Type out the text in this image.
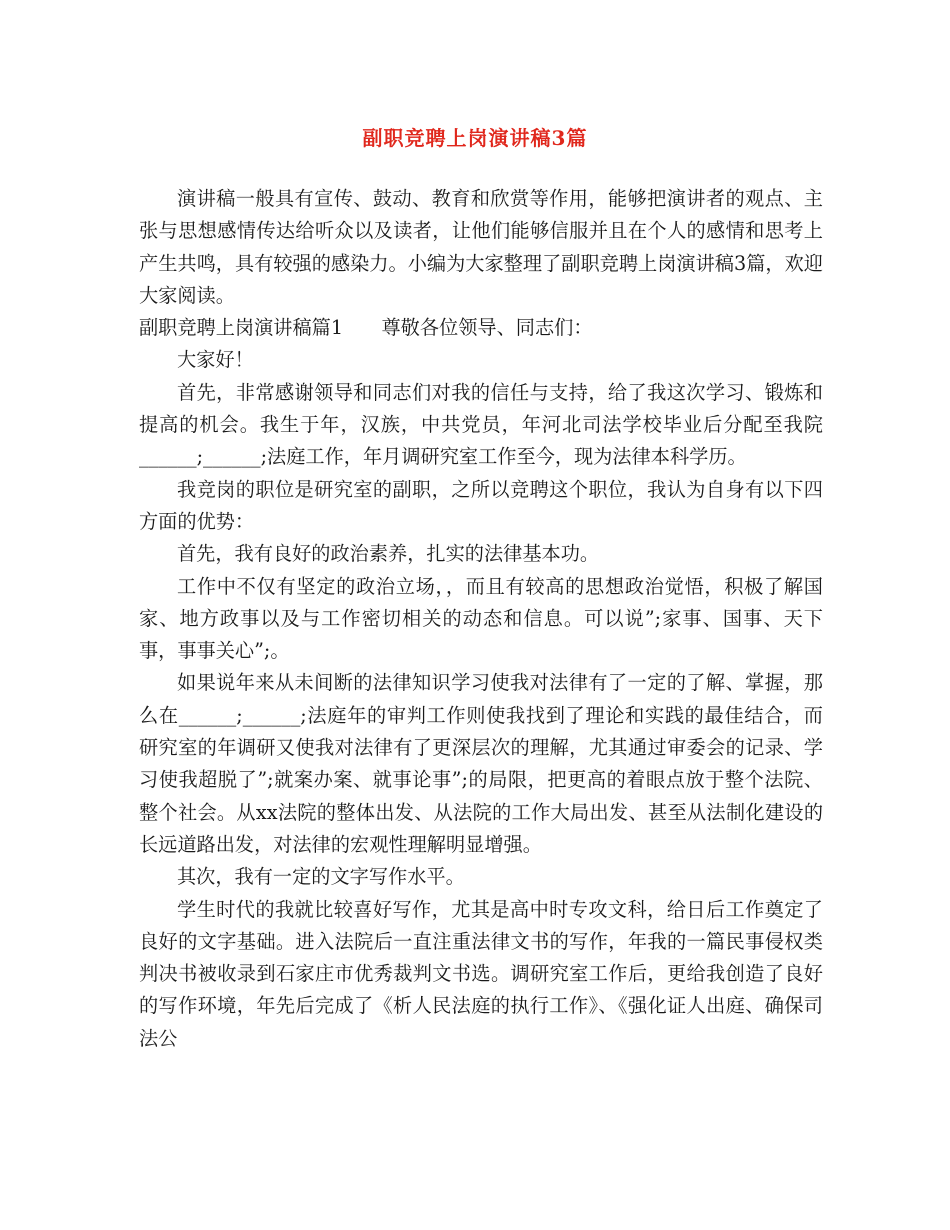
副职竞聘上岗演讲稿3篇

演讲稿一般具有宣传、鼓动、教育和欣赏等作用，能够把演讲者的观点、主张与思想感情传达给听众以及读者，让他们能够信服并且在个人的感情和思考上产生共鸣，具有较强的感染力。小编为大家整理了副职竞聘上岗演讲稿3篇，欢迎大家阅读。

副职竞聘上岗演讲稿篇1　　尊敬各位领导、同志们：

大家好！

首先，非常感谢领导和同志们对我的信任与支持，给了我这次学习、锻炼和提高的机会。我生于年，汉族，中共党员，年河北司法学校毕业后分配至我院______;______;法庭工作，年月调研究室工作至今，现为法律本科学历。

我竞岗的职位是研究室的副职，之所以竞聘这个职位，我认为自身有以下四方面的优势：

首先，我有良好的政治素养，扎实的法律基本功。

工作中不仅有坚定的政治立场，，而且有较高的思想政治觉悟，积极了解国家、地方政事以及与工作密切相关的动态和信息。可以说”;家事、国事、天下事，事事关心”;。

如果说年来从未间断的法律知识学习使我对法律有了一定的了解、掌握，那么在______;______;法庭年的审判工作则使我找到了理论和实践的最佳结合，而研究室的年调研又使我对法律有了更深层次的理解，尤其通过审委会的记录、学习使我超脱了”;就案办案、就事论事”;的局限，把更高的着眼点放于整个法院、整个社会。从xx法院的整体出发、从法院的工作大局出发、甚至从法制化建设的长远道路出发，对法律的宏观性理解明显增强。

其次，我有一定的文字写作水平。

学生时代的我就比较喜好写作，尤其是高中时专攻文科，给日后工作奠定了良好的文字基础。进入法院后一直注重法律文书的写作，年我的一篇民事侵权类判决书被收录到石家庄市优秀裁判文书选。调研究室工作后，更给我创造了良好的写作环境，年先后完成了《析人民法庭的执行工作》、《强化证人出庭、确保司法公
